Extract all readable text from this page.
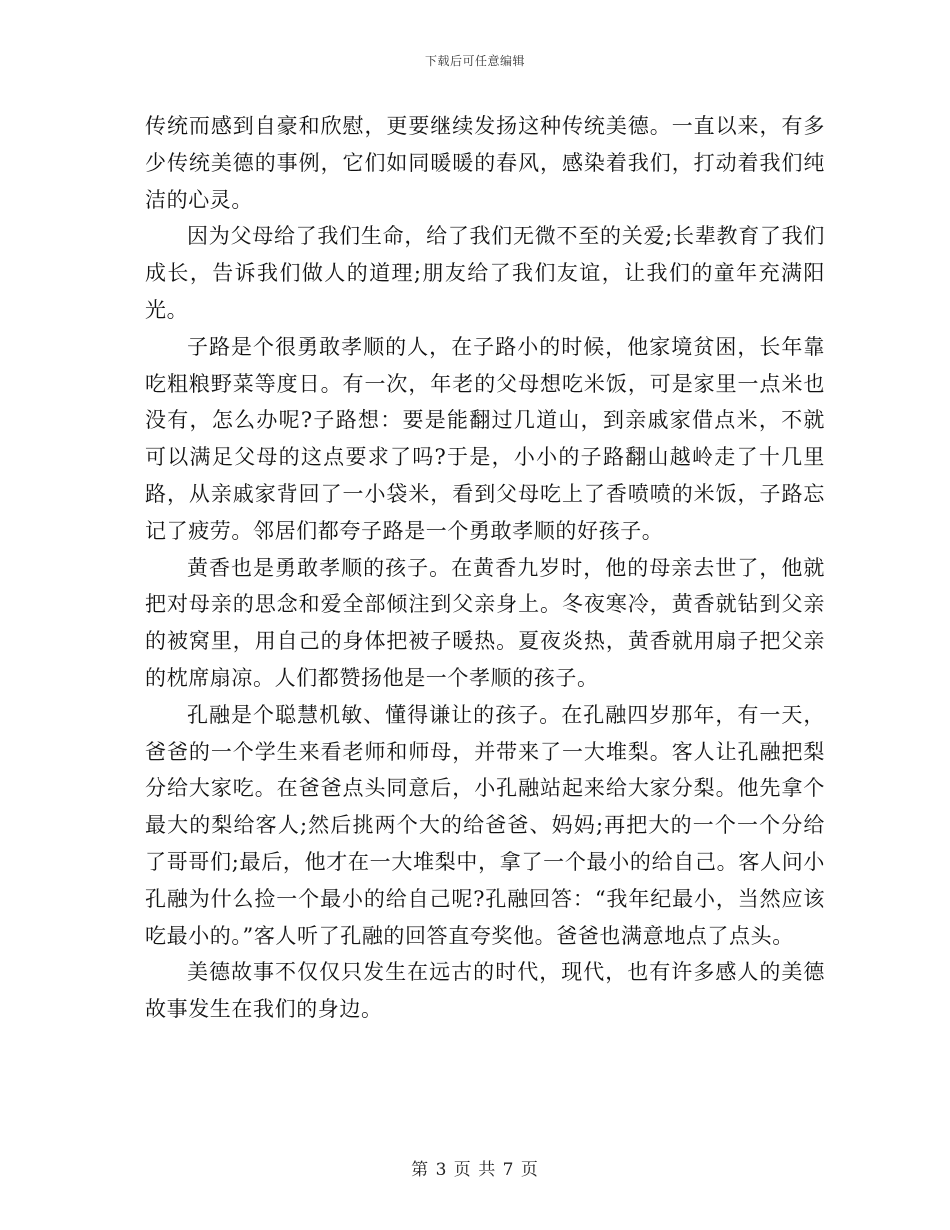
下载后可任意编辑

传统而感到自豪和欣慰，更要继续发扬这种传统美德。一直以来，有多少传统美德的事例，它们如同暖暖的春风，感染着我们，打动着我们纯洁的心灵。

因为父母给了我们生命，给了我们无微不至的关爱;长辈教育了我们成长，告诉我们做人的道理;朋友给了我们友谊，让我们的童年充满阳光。

子路是个很勇敢孝顺的人，在子路小的时候，他家境贫困，长年靠吃粗粮野菜等度日。有一次，年老的父母想吃米饭，可是家里一点米也没有，怎么办呢?子路想：要是能翻过几道山，到亲戚家借点米，不就可以满足父母的这点要求了吗?于是，小小的子路翻山越岭走了十几里路，从亲戚家背回了一小袋米，看到父母吃上了香喷喷的米饭，子路忘记了疲劳。邻居们都夸子路是一个勇敢孝顺的好孩子。

黄香也是勇敢孝顺的孩子。在黄香九岁时，他的母亲去世了，他就把对母亲的思念和爱全部倾注到父亲身上。冬夜寒冷，黄香就钻到父亲的被窝里，用自己的身体把被子暖热。夏夜炎热，黄香就用扇子把父亲的枕席扇凉。人们都赞扬他是一个孝顺的孩子。

孔融是个聪慧机敏、懂得谦让的孩子。在孔融四岁那年，有一天，爸爸的一个学生来看老师和师母，并带来了一大堆梨。客人让孔融把梨分给大家吃。在爸爸点头同意后，小孔融站起来给大家分梨。他先拿个最大的梨给客人;然后挑两个大的给爸爸、妈妈;再把大的一个一个分给了哥哥们;最后，他才在一大堆梨中，拿了一个最小的给自己。客人问小孔融为什么捡一个最小的给自己呢?孔融回答：“我年纪最小，当然应该吃最小的。”客人听了孔融的回答直夸奖他。爸爸也满意地点了点头。

美德故事不仅仅只发生在远古的时代，现代，也有许多感人的美德故事发生在我们的身边。

第 3 页 共 7 页
